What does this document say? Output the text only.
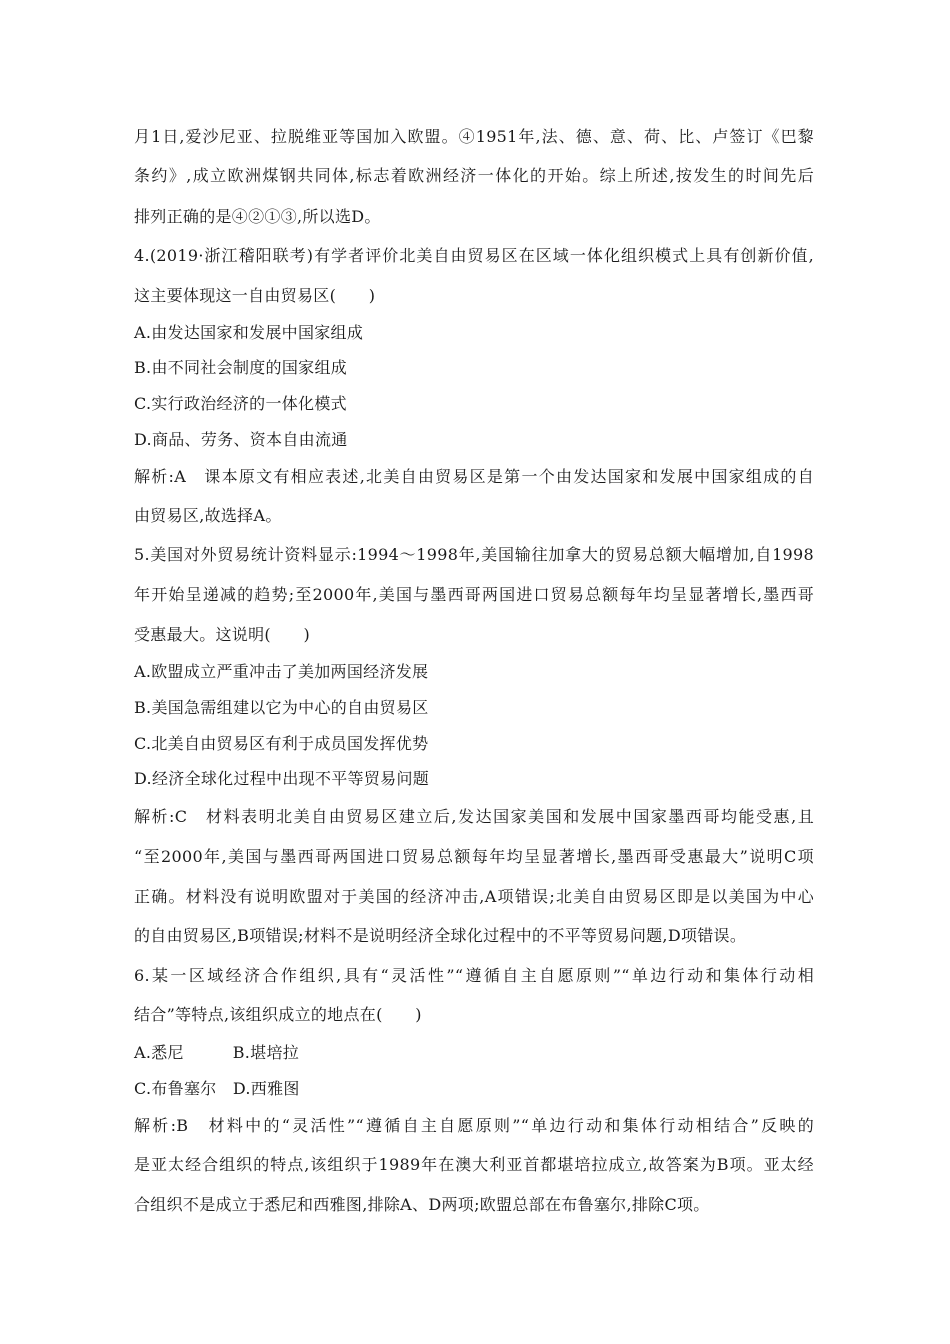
月1日,爱沙尼亚、拉脱维亚等国加入欧盟。④1951年,法、德、意、荷、比、卢签订《巴黎
条约》,成立欧洲煤钢共同体,标志着欧洲经济一体化的开始。综上所述,按发生的时间先后
排列正确的是④②①③,所以选D。
4.(2019·浙江稽阳联考)有学者评价北美自由贸易区在区域一体化组织模式上具有创新价值,
这主要体现这一自由贸易区(　　)
A.由发达国家和发展中国家组成
B.由不同社会制度的国家组成
C.实行政治经济的一体化模式
D.商品、劳务、资本自由流通
解析:A　课本原文有相应表述,北美自由贸易区是第一个由发达国家和发展中国家组成的自
由贸易区,故选择A。
5.美国对外贸易统计资料显示:1994～1998年,美国输往加拿大的贸易总额大幅增加,自1998
年开始呈递减的趋势;至2000年,美国与墨西哥两国进口贸易总额每年均呈显著增长,墨西哥
受惠最大。这说明(　　)
A.欧盟成立严重冲击了美加两国经济发展
B.美国急需组建以它为中心的自由贸易区
C.北美自由贸易区有利于成员国发挥优势
D.经济全球化过程中出现不平等贸易问题
解析:C　材料表明北美自由贸易区建立后,发达国家美国和发展中国家墨西哥均能受惠,且
“至2000年,美国与墨西哥两国进口贸易总额每年均呈显著增长,墨西哥受惠最大”说明C项
正确。材料没有说明欧盟对于美国的经济冲击,A项错误;北美自由贸易区即是以美国为中心
的自由贸易区,B项错误;材料不是说明经济全球化过程中的不平等贸易问题,D项错误。
6.某一区域经济合作组织,具有“灵活性”“遵循自主自愿原则”“单边行动和集体行动相
结合”等特点,该组织成立的地点在(　　)
A.悉尼　　　B.堪培拉
C.布鲁塞尔　D.西雅图
解析:B　材料中的“灵活性”“遵循自主自愿原则”“单边行动和集体行动相结合”反映的
是亚太经合组织的特点,该组织于1989年在澳大利亚首都堪培拉成立,故答案为B项。亚太经
合组织不是成立于悉尼和西雅图,排除A、D两项;欧盟总部在布鲁塞尔,排除C项。
